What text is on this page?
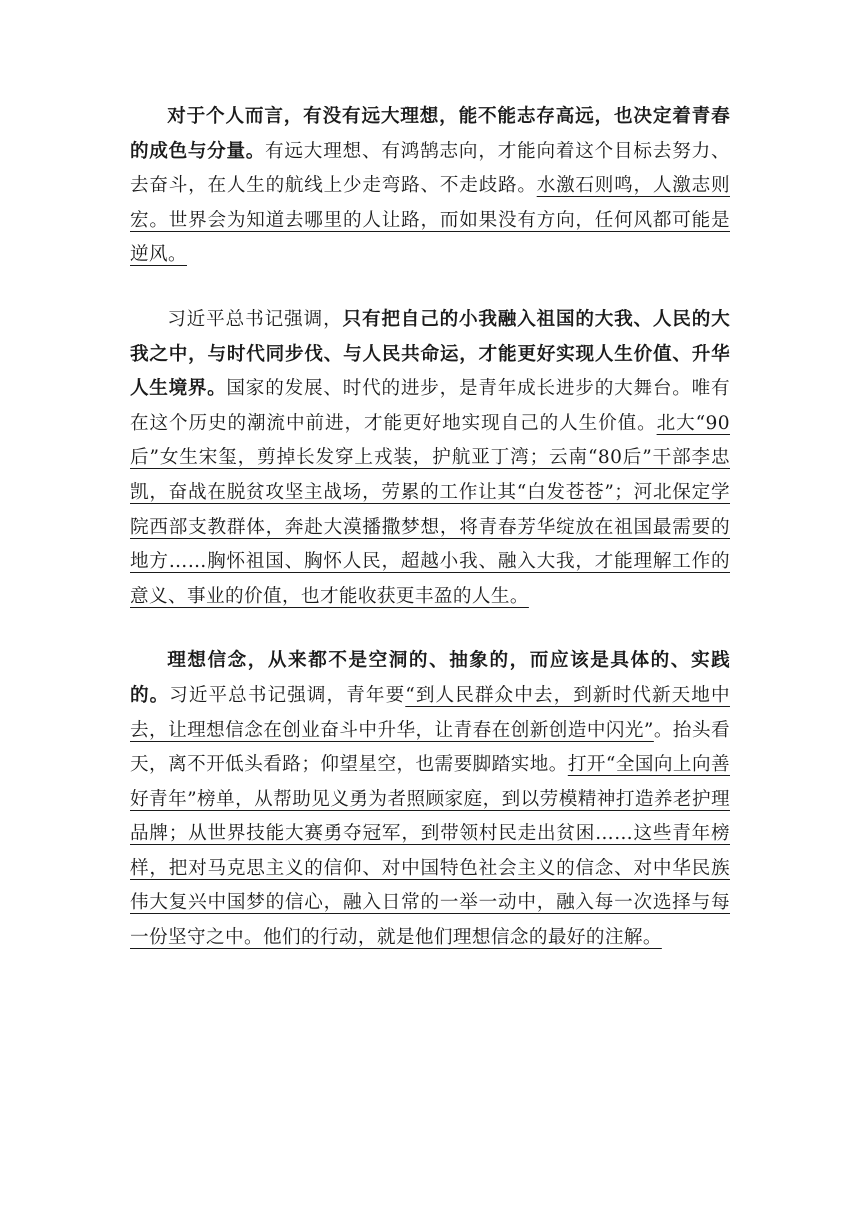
对于个人而言，有没有远大理想，能不能志存高远，也决定着青春的成色与分量。有远大理想、有鸿鹄志向，才能向着这个目标去努力、去奋斗，在人生的航线上少走弯路、不走歧路。水激石则鸣，人激志则宏。世界会为知道去哪里的人让路，而如果没有方向，任何风都可能是逆风。

习近平总书记强调，只有把自己的小我融入祖国的大我、人民的大我之中，与时代同步伐、与人民共命运，才能更好实现人生价值、升华人生境界。国家的发展、时代的进步，是青年成长进步的大舞台。唯有在这个历史的潮流中前进，才能更好地实现自己的人生价值。北大“90后”女生宋玺，剪掉长发穿上戎装，护航亚丁湾；云南“80后”干部李忠凯，奋战在脱贫攻坚主战场，劳累的工作让其“白发苍苍”；河北保定学院西部支教群体，奔赴大漠播撒梦想，将青春芳华绽放在祖国最需要的地方……胸怀祖国、胸怀人民，超越小我、融入大我，才能理解工作的意义、事业的价值，也才能收获更丰盈的人生。

理想信念，从来都不是空洞的、抽象的，而应该是具体的、实践的。习近平总书记强调，青年要“到人民群众中去，到新时代新天地中去，让理想信念在创业奋斗中升华，让青春在创新创造中闪光”。抬头看天，离不开低头看路；仰望星空，也需要脚踏实地。打开“全国向上向善好青年”榜单，从帮助见义勇为者照顾家庭，到以劳模精神打造养老护理品牌；从世界技能大赛勇夺冠军，到带领村民走出贫困……这些青年榜样，把对马克思主义的信仰、对中国特色社会主义的信念、对中华民族伟大复兴中国梦的信心，融入日常的一举一动中，融入每一次选择与每一份坚守之中。他们的行动，就是他们理想信念的最好的注解。
